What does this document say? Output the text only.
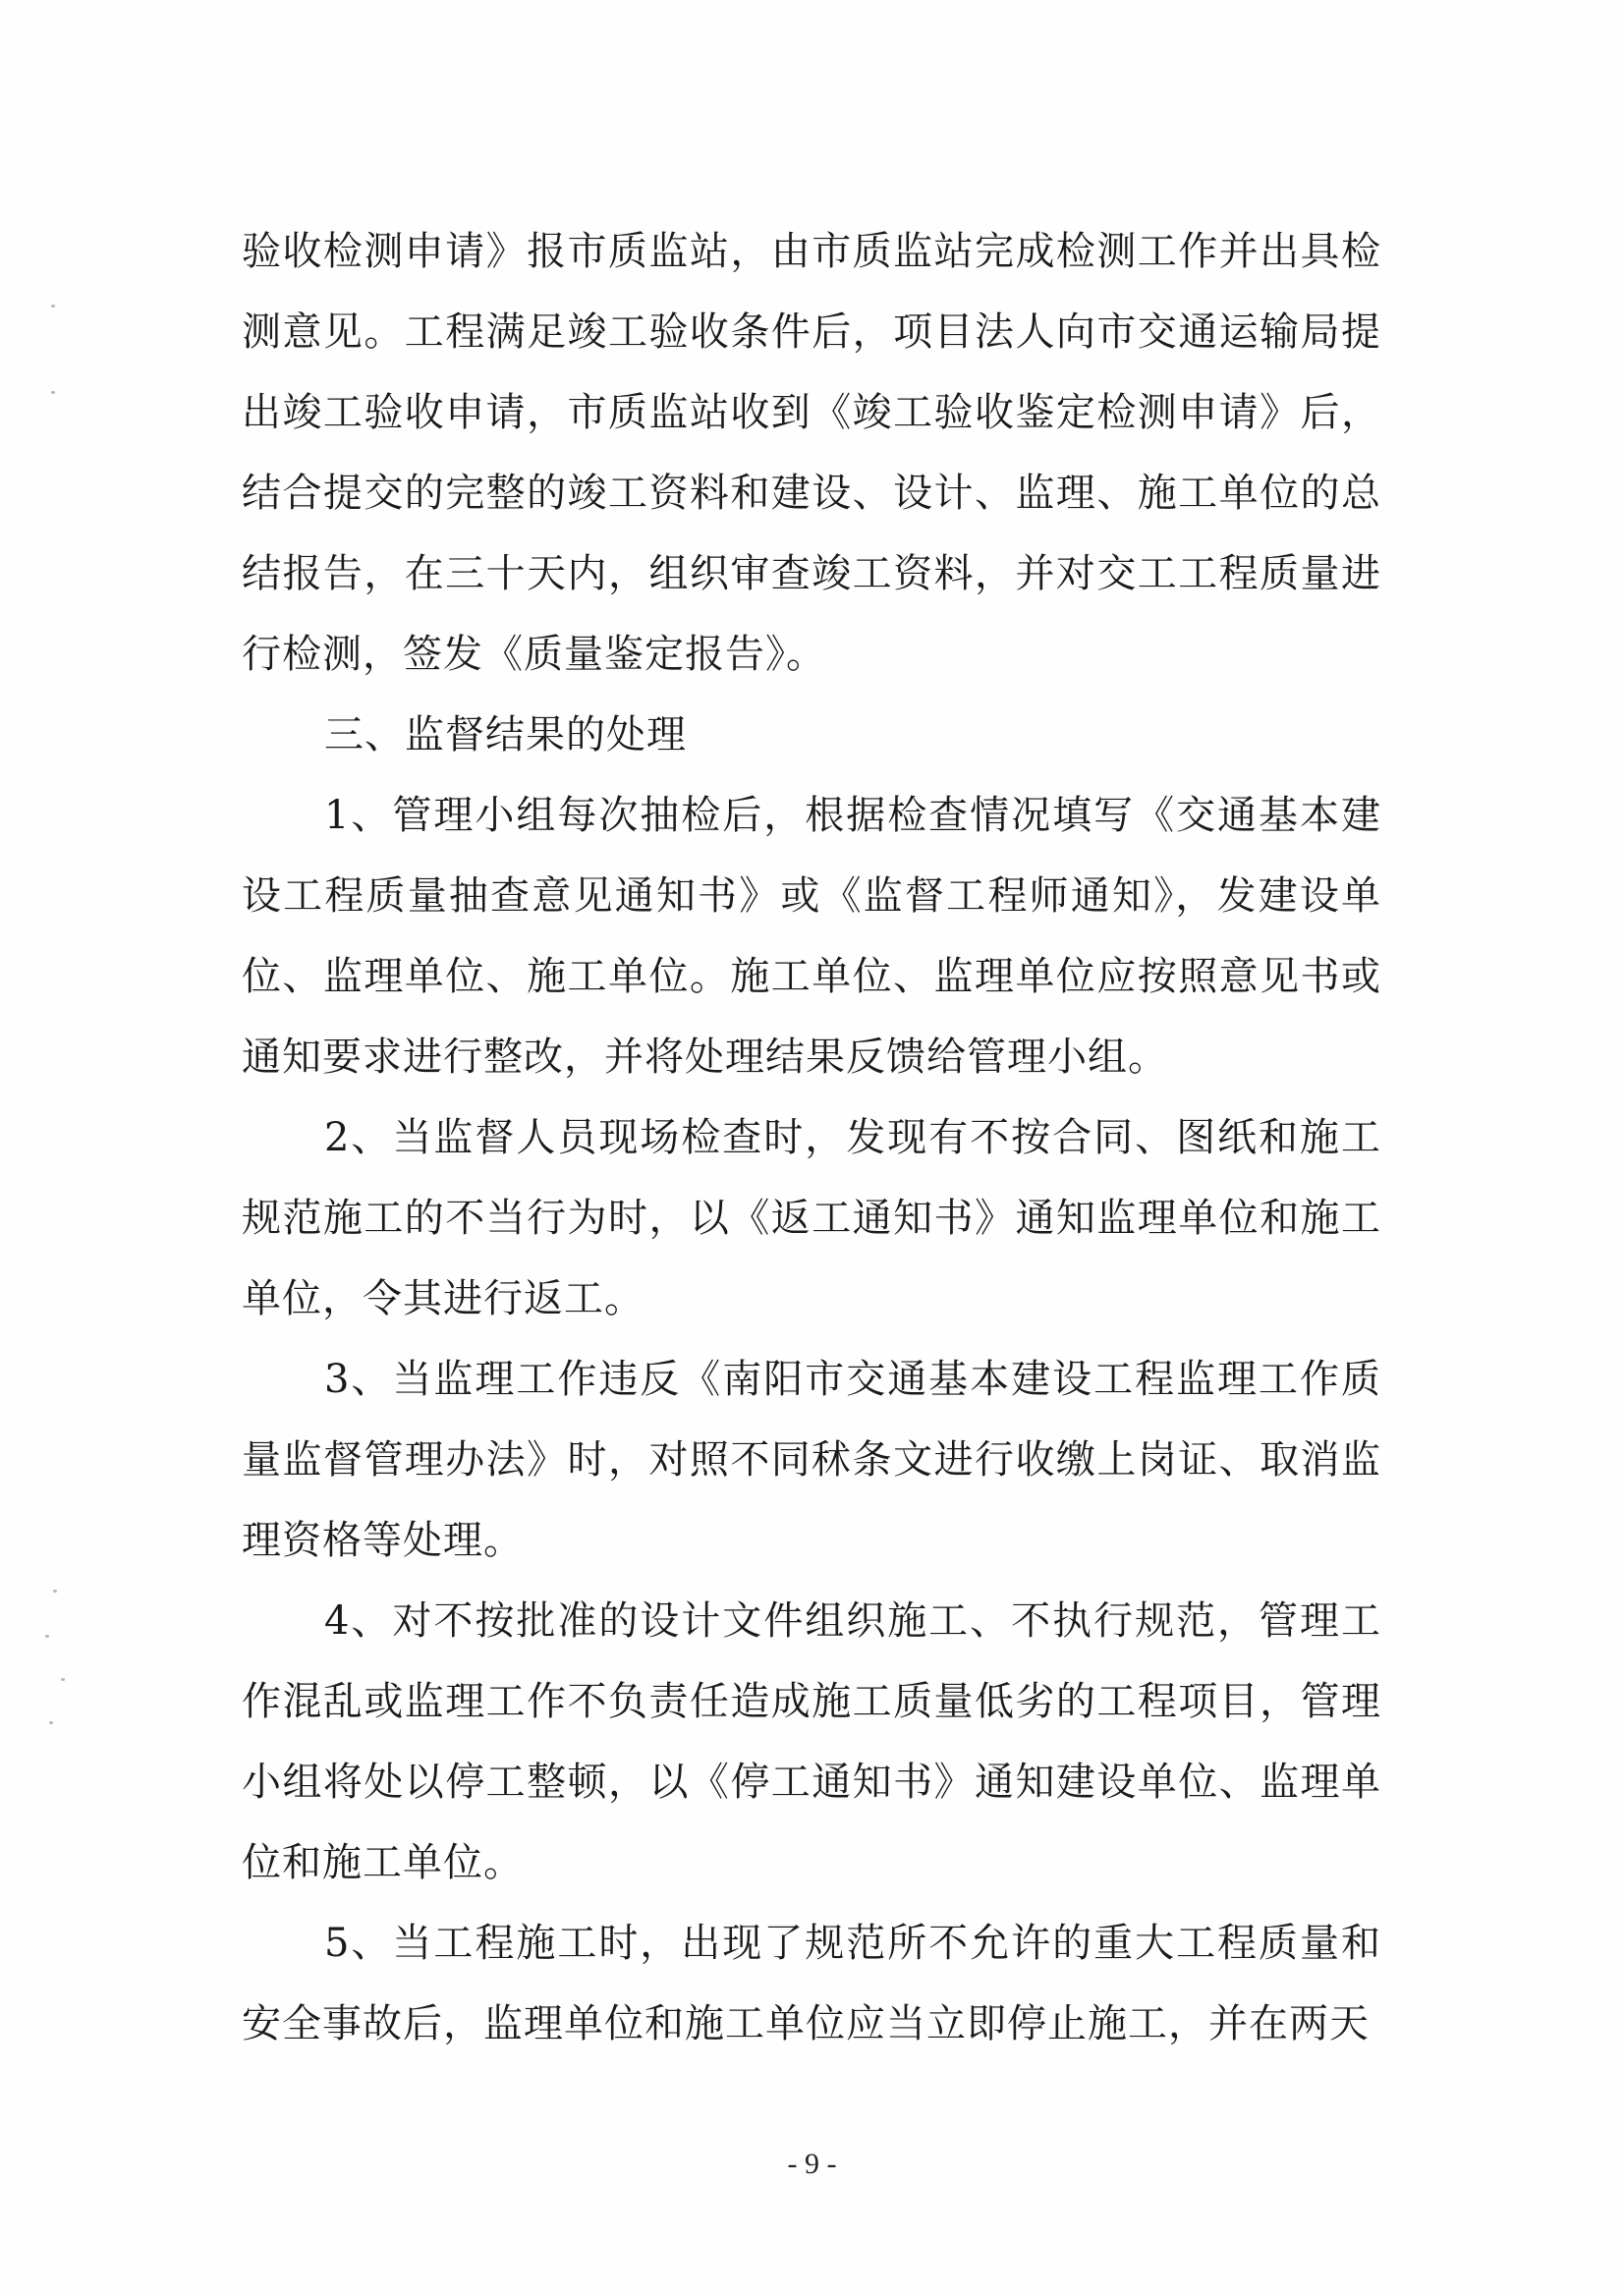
验收检测申请》报市质监站，由市质监站完成检测工作并出具检测意见。工程满足竣工验收条件后，项目法人向市交通运输局提出竣工验收申请，市质监站收到《竣工验收鉴定检测申请》后，结合提交的完整的竣工资料和建设、设计、监理、施工单位的总结报告，在三十天内，组织审查竣工资料，并对交工工程质量进行检测，签发《质量鉴定报告》。

三、监督结果的处理

1、管理小组每次抽检后，根据检查情况填写《交通基本建设工程质量抽查意见通知书》或《监督工程师通知》，发建设单位、监理单位、施工单位。施工单位、监理单位应按照意见书或通知要求进行整改，并将处理结果反馈给管理小组。

2、当监督人员现场检查时，发现有不按合同、图纸和施工规范施工的不当行为时，以《返工通知书》通知监理单位和施工单位，令其进行返工。

3、当监理工作违反《南阳市交通基本建设工程监理工作质量监督管理办法》时，对照不同秫条文进行收缴上岗证、取消监理资格等处理。

4、对不按批准的设计文件组织施工、不执行规范，管理工作混乱或监理工作不负责任造成施工质量低劣的工程项目，管理小组将处以停工整顿，以《停工通知书》通知建设单位、监理单位和施工单位。

5、当工程施工时，出现了规范所不允许的重大工程质量和安全事故后，监理单位和施工单位应当立即停止施工，并在两天

- 9 -
